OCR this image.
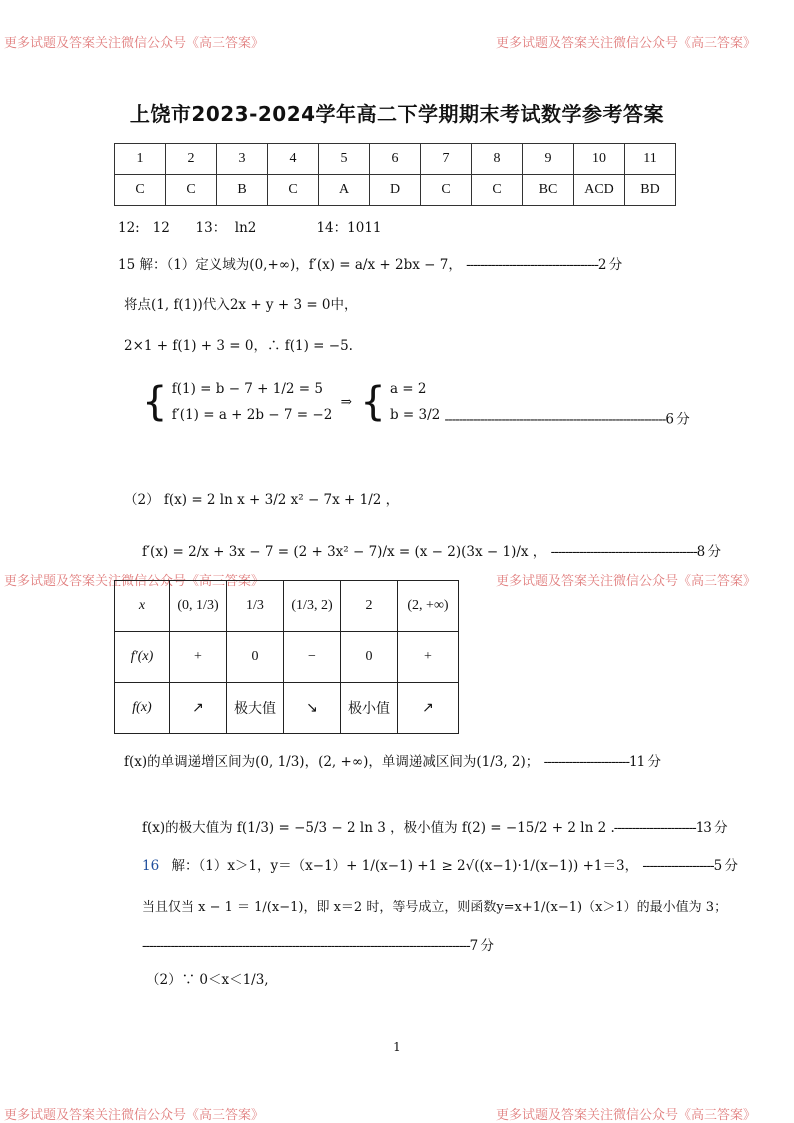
更多试题及答案关注微信公众号《高三答案》	更多试题及答案关注微信公众号《高三答案》
更多试题及答案关注微信公众号《高三答案》	更多试题及答案关注微信公众号《高三答案》
更多试题及答案关注微信公众号《高三答案》	更多试题及答案关注微信公众号《高三答案》
上饶市2023-2024学年高二下学期期末考试数学参考答案
1	2	3	4	5	6	7	8	9	10	11
C	C	B	C	A	D	C	C	BC	ACD	BD
12:   12      13：  ln2              14：1011
15 解：（1）定义域为(0,+∞)，f′(x) = a/x + 2bx − 7， -------------------------------------2 分
将点(1, f(1))代入2x + y + 3 = 0中，
2×1 + f(1) + 3 = 0，∴ f(1) = −5.
{ f(1) = b − 7 + 1/2 = 5
f′(1) = a + 2b − 7 = −2
⇒ { a = 2
b = 3/2 --------------------------------------------------------------6 分
（2） f(x) = 2 ln x + 3/2 x² − 7x + 1/2 ，
f′(x) = 2/x + 3x − 7 = (2 + 3x² − 7)/x = (x − 2)(3x − 1)/x ， -----------------------------------------8 分
x	(0, 1/3)	1/3	(1/3, 2)	2	(2, +∞)
f′(x)	+	0	−	0	+
f(x)	↗	极大值	↘	极小值	↗
f(x)的单调递增区间为(0, 1/3)，(2, +∞)，单调递减区间为(1/3, 2)； ------------------------11 分
f(x)的极大值为 f(1/3) = −5/3 − 2 ln 3 ，极小值为 f(2) = −15/2 + 2 ln 2 .-----------------------13 分
16 解：（1）x＞1，y＝（x−1）+ 1/(x−1) +1 ≥ 2√((x−1)·1/(x−1)) +1＝3， --------------------5 分
当且仅当 x − 1 ＝ 1/(x−1)，即 x＝2 时，等号成立，则函数y=x+1/(x−1)（x＞1）的最小值为 3；
--------------------------------------------------------------------------------------------7 分
（2）∵ 0＜x＜1/3,
1
